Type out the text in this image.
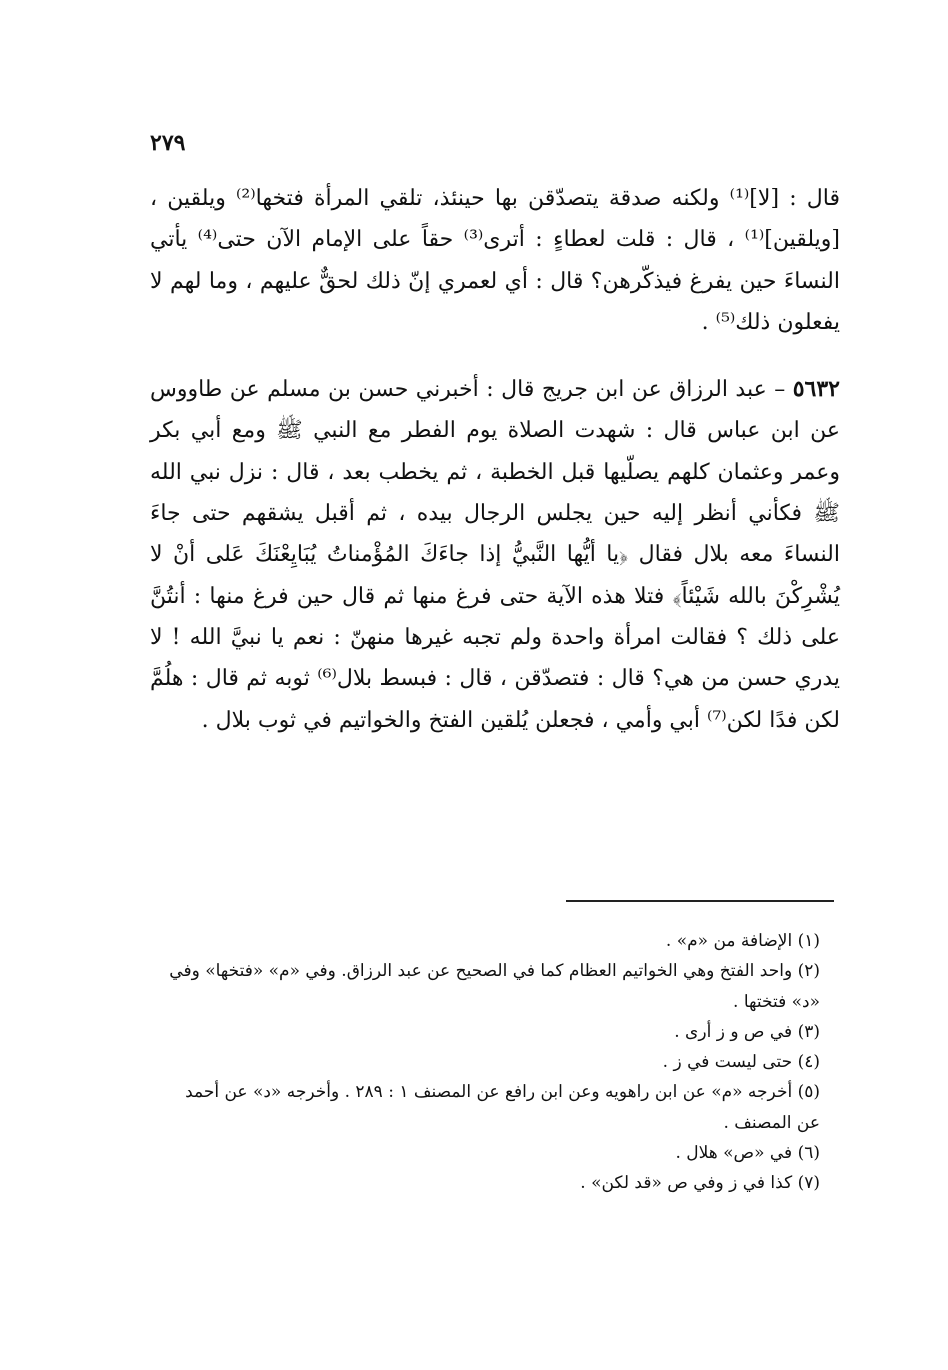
٢٧٩

قال : [لا]⁽¹⁾ ولكنه صدقة يتصدّقن بها حينئذ، تلقي المرأة فتخها⁽²⁾ ويلقين ، [ويلقين]⁽¹⁾ ، قال : قلت لعطاءٍ : أترى⁽³⁾ حقاً على الإمام الآن حتى⁽⁴⁾ يأتي النساءَ حين يفرغ فيذكّرهن؟ قال : أي لعمري إنّ ذلك لحقٌّ عليهم ، وما لهم لا يفعلون ذلك⁽⁵⁾ .

٥٦٣٢ – عبد الرزاق عن ابن جريج قال : أخبرني حسن بن مسلم عن طاووس عن ابن عباس قال : شهدت الصلاة يوم الفطر مع النبي ﷺ ومع أبي بكر وعمر وعثمان كلهم يصلّيها قبل الخطبة ، ثم يخطب بعد ، قال : نزل نبي الله ﷺ فكأني أنظر إليه حين يجلس الرجال بيده ، ثم أقبل يشقهم حتى جاءَ النساءَ معه بلال فقال ﴿يا أيُّها النَّبيُّ إذا جاءَكَ المُؤْمناتُ يُبَايِعْنَكَ عَلى أنْ لا يُشْرِكْنَ بالله شَيْئاً﴾ فتلا هذه الآية حتى فرغ منها ثم قال حين فرغ منها : أنتُنَّ على ذلك ؟ فقالت امرأة واحدة ولم تجبه غيرها منهنّ : نعم يا نبيَّ الله ! لا يدري حسن من هي؟ قال : فتصدّقن ، قال : فبسط بلال⁽⁶⁾ ثوبه ثم قال : هلُمَّ لكن فدًا لكن⁽⁷⁾ أبي وأمي ، فجعلن يُلقين الفتخ والخواتيم في ثوب بلال .

(١) الإضافة من «م» .

(٢) واحد الفتخ وهي الخواتيم العظام كما في الصحيح عن عبد الرزاق. وفي «م» «فتخها» وفي «د» فتختها .

(٣) في ص و ز أرى .

(٤) حتى ليست في ز .

(٥) أخرجه «م» عن ابن راهويه وعن ابن رافع عن المصنف ١ : ٢٨٩ . وأخرجه «د» عن أحمد عن المصنف .

(٦) في «ص» هلال .

(٧) كذا في ز وفي ص «قد لكن» .
